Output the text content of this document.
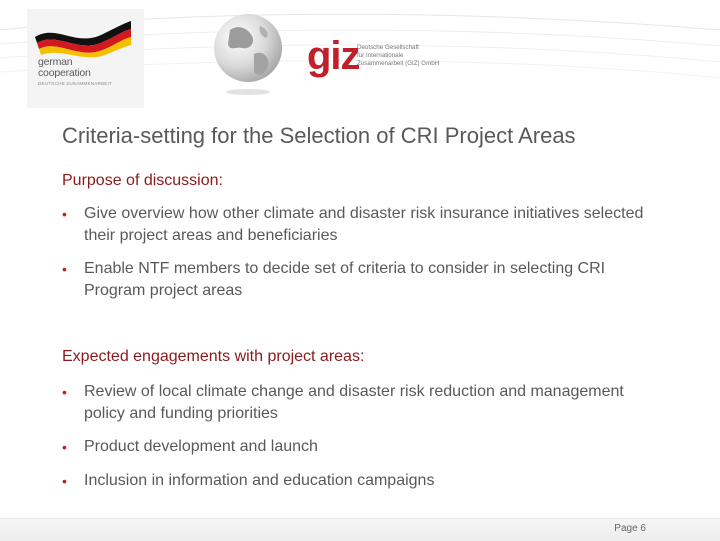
german
cooperation
DEUTSCHE ZUSAMMENARBEIT
giz
Deutsche Gesellschaft
für Internationale
Zusammenarbeit (GIZ) GmbH
Criteria-setting for the Selection of CRI Project Areas
Purpose of discussion:
•	Give overview how other climate and disaster risk insurance initiatives selected their project areas and beneficiaries
•	Enable NTF members to decide set of criteria to consider in selecting CRI Program project areas
Expected engagements with project areas:
•	Review of local climate change and disaster risk reduction and management policy and funding priorities
•	Product development and launch
•	Inclusion in information and education campaigns
Page 6
